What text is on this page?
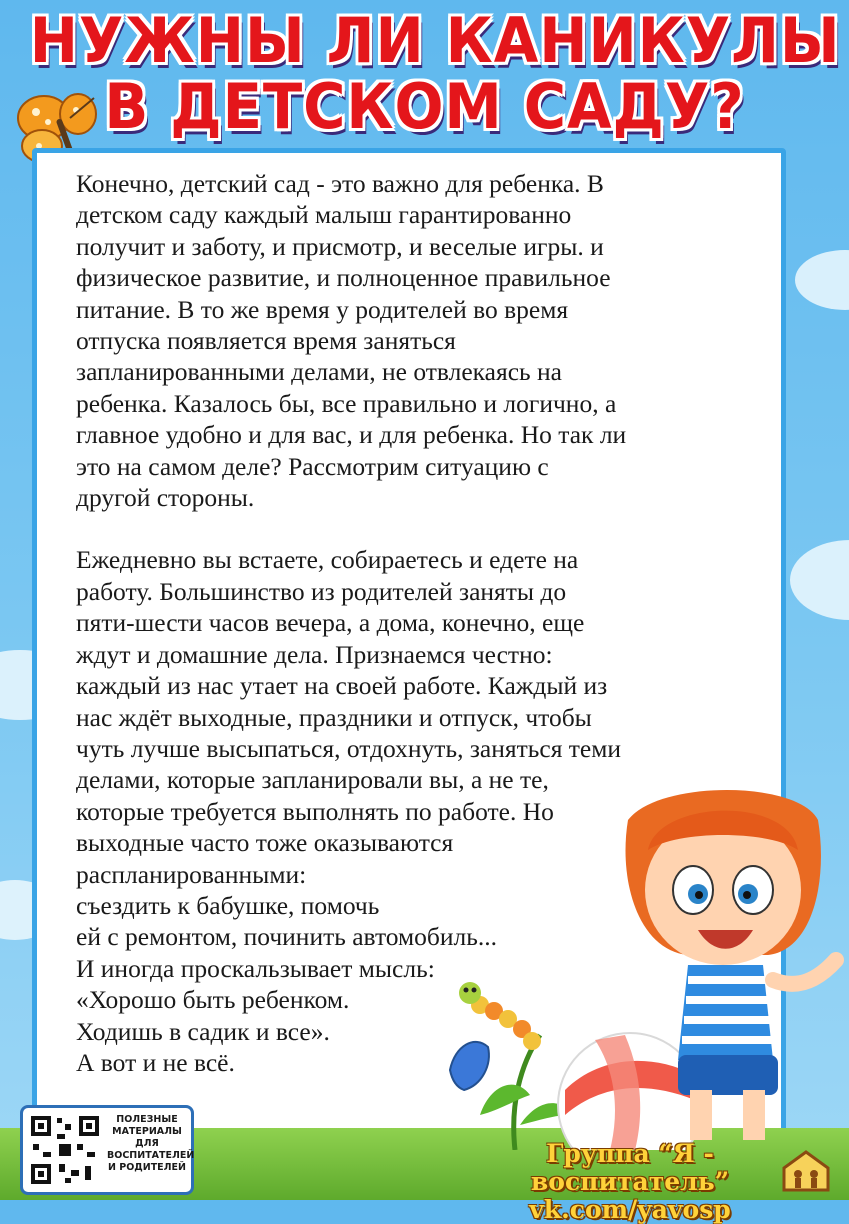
НУЖНЫ ЛИ КАНИКУЛЫ
В ДЕТСКОМ САДУ?

Конечно, детский сад - это важно для ребенка. В
детском саду каждый малыш гарантированно
получит и заботу, и присмотр, и веселые игры. и
физическое развитие, и полноценное правильное
питание. В то же время у родителей во время
отпуска появляется время заняться
запланированными делами, не отвлекаясь на
ребенка. Казалось бы, все правильно и логично, а
главное удобно и для вас, и для ребенка. Но так ли
это на самом деле? Рассмотрим ситуацию с
другой стороны.

Ежедневно вы встаете, собираетесь и едете на
работу. Большинство из родителей заняты до
пяти-шести часов вечера, а дома, конечно, еще
ждут и домашние дела. Признаемся честно:
каждый из нас утает на своей работе. Каждый из
нас ждёт выходные, праздники и отпуск, чтобы
чуть лучше высыпаться, отдохнуть, заняться теми
делами, которые запланировали вы, а не те,
которые требуется выполнять по работе. Но
выходные часто тоже оказываются
распланированными:
съездить к бабушке, помочь
ей с ремонтом, починить автомобиль...
И иногда проскальзывает мысль:
«Хорошо быть ребенком.
Ходишь в садик и все».
А вот и не всё.

ПОЛЕЗНЫЕ МАТЕРИАЛЫ ДЛЯ ВОСПИТАТЕЛЕЙ И РОДИТЕЛЕЙ	Группа “Я - воспитатель”
vk.com/yavosp
